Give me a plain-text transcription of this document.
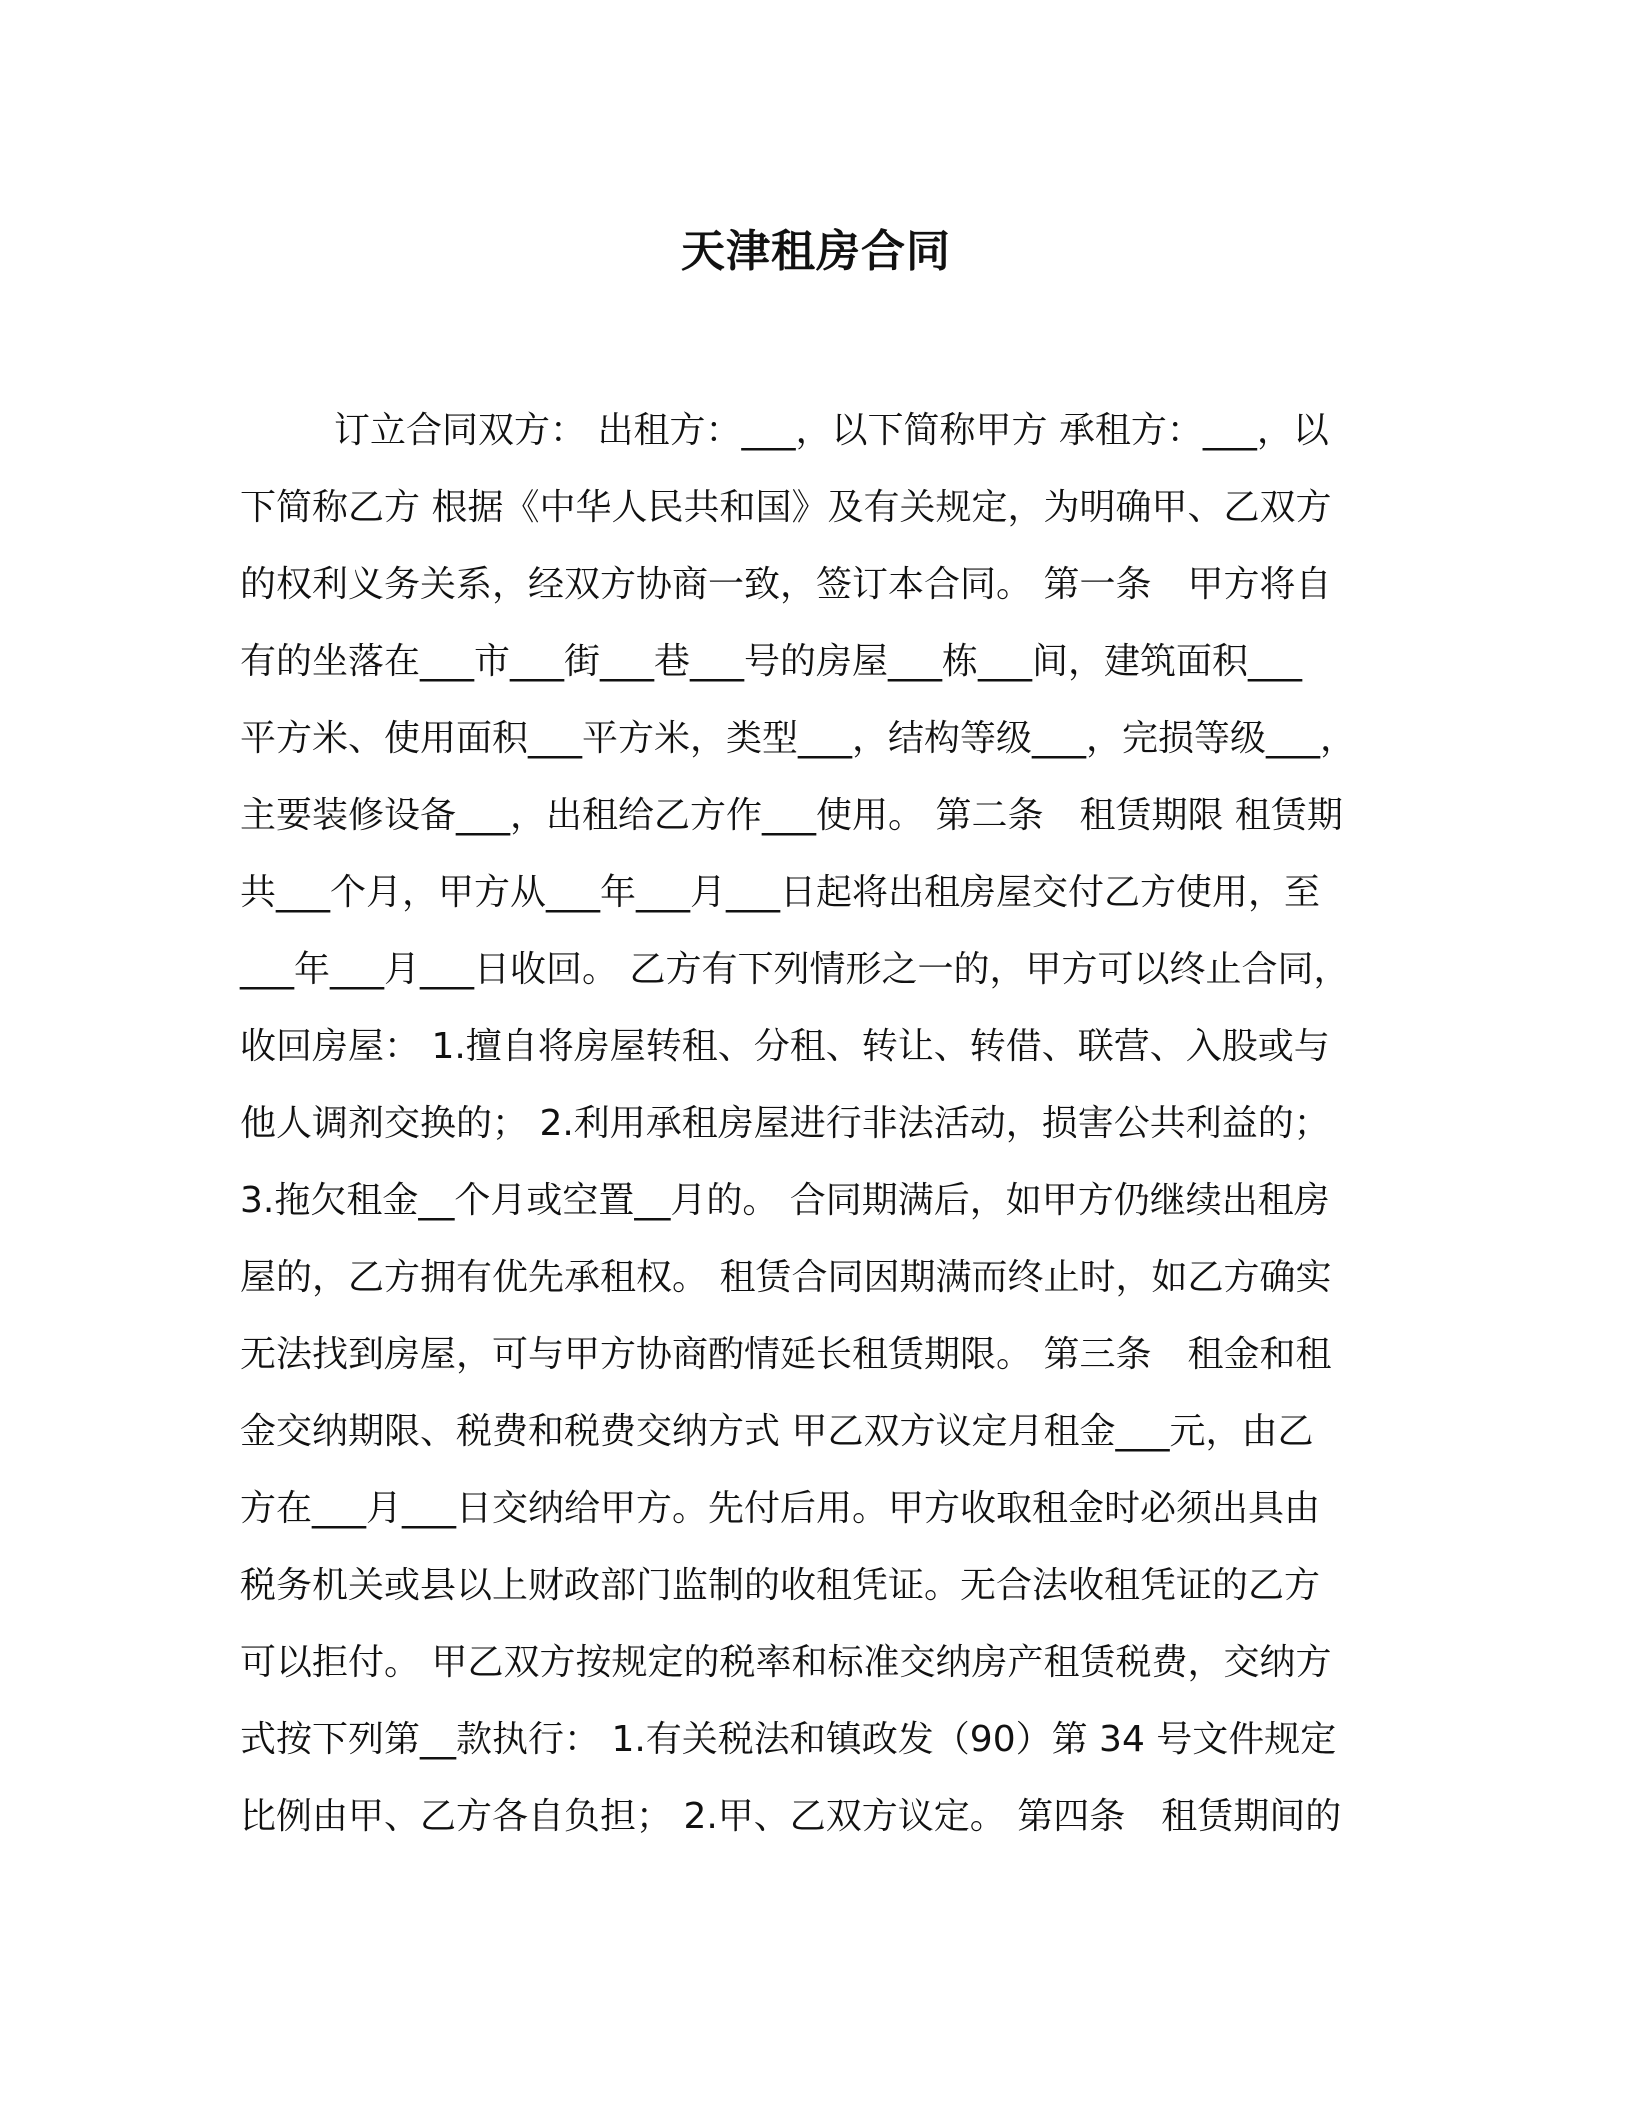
天津租房合同
订立合同双方： 出租方：___，以下简称甲方 承租方：___，以
下简称乙方 根据《中华人民共和国》及有关规定，为明确甲、乙双方
的权利义务关系，经双方协商一致，签订本合同。 第一条　甲方将自
有的坐落在___市___街___巷___号的房屋___栋___间，建筑面积___
平方米、使用面积___平方米，类型___，结构等级___，完损等级___，
主要装修设备___，出租给乙方作___使用。 第二条　租赁期限 租赁期
共___个月，甲方从___年___月___日起将出租房屋交付乙方使用，至
___年___月___日收回。 乙方有下列情形之一的，甲方可以终止合同，
收回房屋： 1.擅自将房屋转租、分租、转让、转借、联营、入股或与
他人调剂交换的； 2.利用承租房屋进行非法活动，损害公共利益的；
3.拖欠租金__个月或空置__月的。 合同期满后，如甲方仍继续出租房
屋的，乙方拥有优先承租权。 租赁合同因期满而终止时，如乙方确实
无法找到房屋，可与甲方协商酌情延长租赁期限。 第三条　租金和租
金交纳期限、税费和税费交纳方式 甲乙双方议定月租金___元，由乙
方在___月___日交纳给甲方。先付后用。甲方收取租金时必须出具由
税务机关或县以上财政部门监制的收租凭证。无合法收租凭证的乙方
可以拒付。 甲乙双方按规定的税率和标准交纳房产租赁税费，交纳方
式按下列第__款执行： 1.有关税法和镇政发（90）第 34 号文件规定
比例由甲、乙方各自负担； 2.甲、乙双方议定。 第四条　租赁期间的
